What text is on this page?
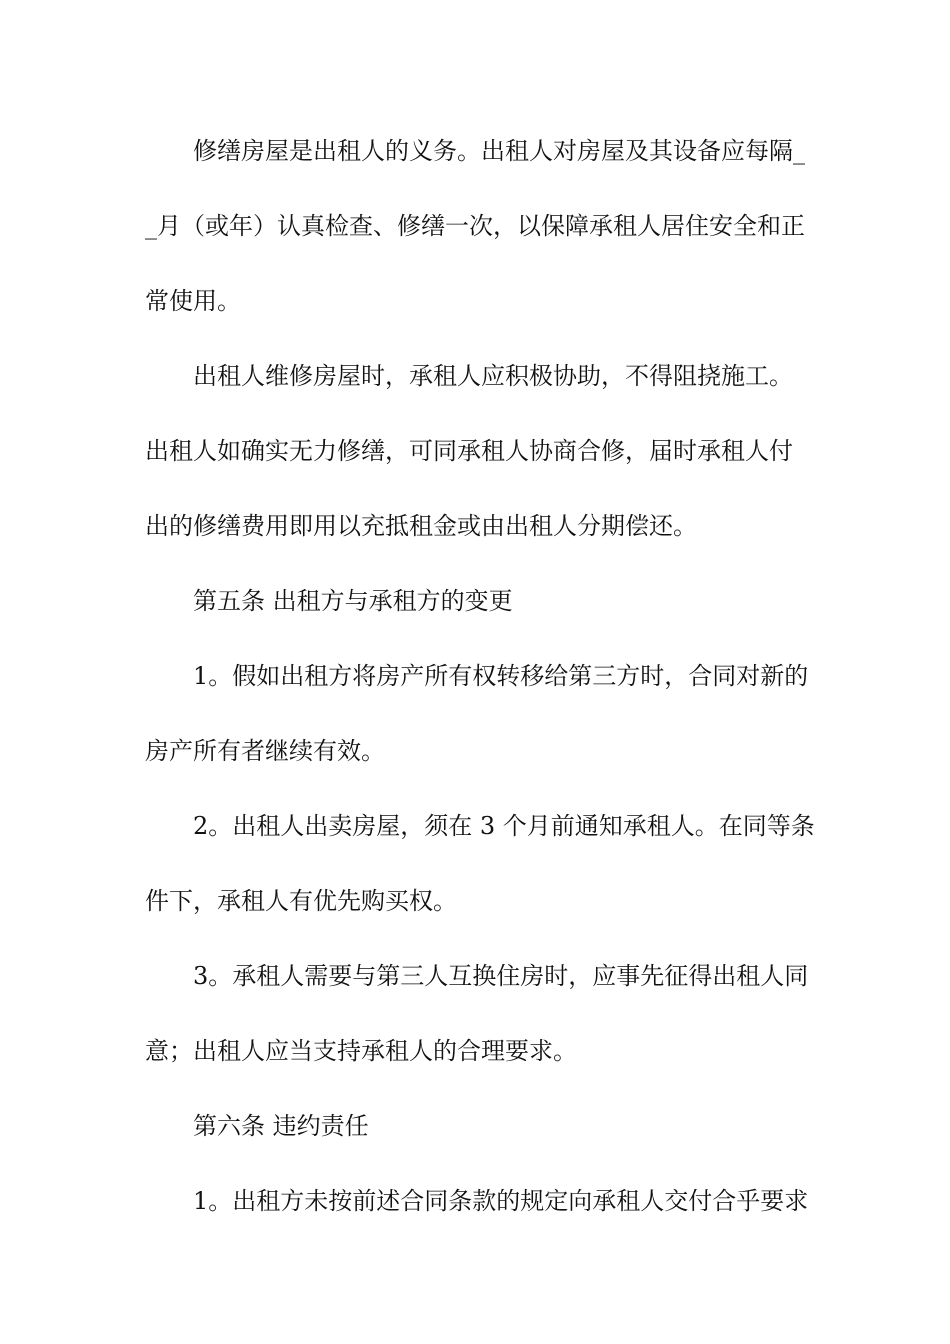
修缮房屋是出租人的义务。出租人对房屋及其设备应每隔_

_月（或年）认真检查、修缮一次，以保障承租人居住安全和正

常使用。

出租人维修房屋时，承租人应积极协助，不得阻挠施工。

出租人如确实无力修缮，可同承租人协商合修，届时承租人付

出的修缮费用即用以充抵租金或由出租人分期偿还。

第五条 出租方与承租方的变更

1。假如出租方将房产所有权转移给第三方时，合同对新的

房产所有者继续有效。

2。出租人出卖房屋，须在 3 个月前通知承租人。在同等条

件下，承租人有优先购买权。

3。承租人需要与第三人互换住房时，应事先征得出租人同

意；出租人应当支持承租人的合理要求。

第六条 违约责任

1。出租方未按前述合同条款的规定向承租人交付合乎要求
